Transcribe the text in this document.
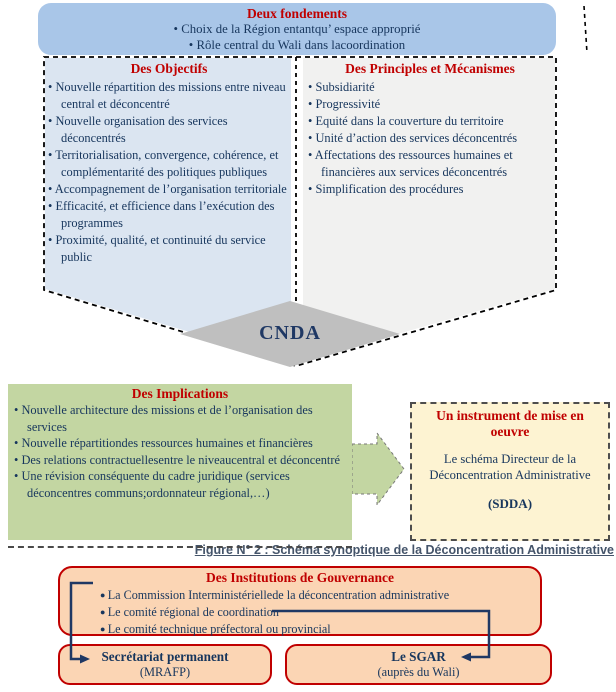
Deux fondements
• Choix de la Région entantqu’ espace approprié
• Rôle central du Wali dans lacoordination
Des Objectifs
• Nouvelle répartition des missions entre niveau central et déconcentré
• Nouvelle organisation des services déconcentrés
• Territorialisation, convergence, cohérence, et complémentarité des politiques publiques
• Accompagnement de l’organisation territoriale
• Efficacité, et efficience dans l’exécution des programmes
• Proximité, qualité, et continuité du service public
Des Principles et Mécanismes
• Subsidiarité
• Progressivité
• Equité dans la couverture du territoire
• Unité d’action des services déconcentrés
• Affectations des ressources humaines et financières aux services déconcentrés
• Simplification des procédures
CNDA
Des Implications
• Nouvelle architecture des missions et de l’organisation des services
• Nouvelle répartitiondes ressources humaines et financières
• Des relations contractuellesentre le niveaucentral et déconcentré
• Une révision conséquente du cadre juridique (services déconcentres communs;ordonnateur régional,…)
Un instrument de mise en oeuvre
Le schéma Directeur de la Déconcentration Administrative
(SDDA)
Figure N° 2 : Schéma synoptique de la Déconcentration Administrative
Des Institutions de Gouvernance
● La Commission Interministériellede la déconcentration administrative
● Le comité régional de coordination
● Le comité technique préfectoral ou provincial
Secrétariat permanent
(MRAFP)
Le SGAR
(auprès du Wali)
